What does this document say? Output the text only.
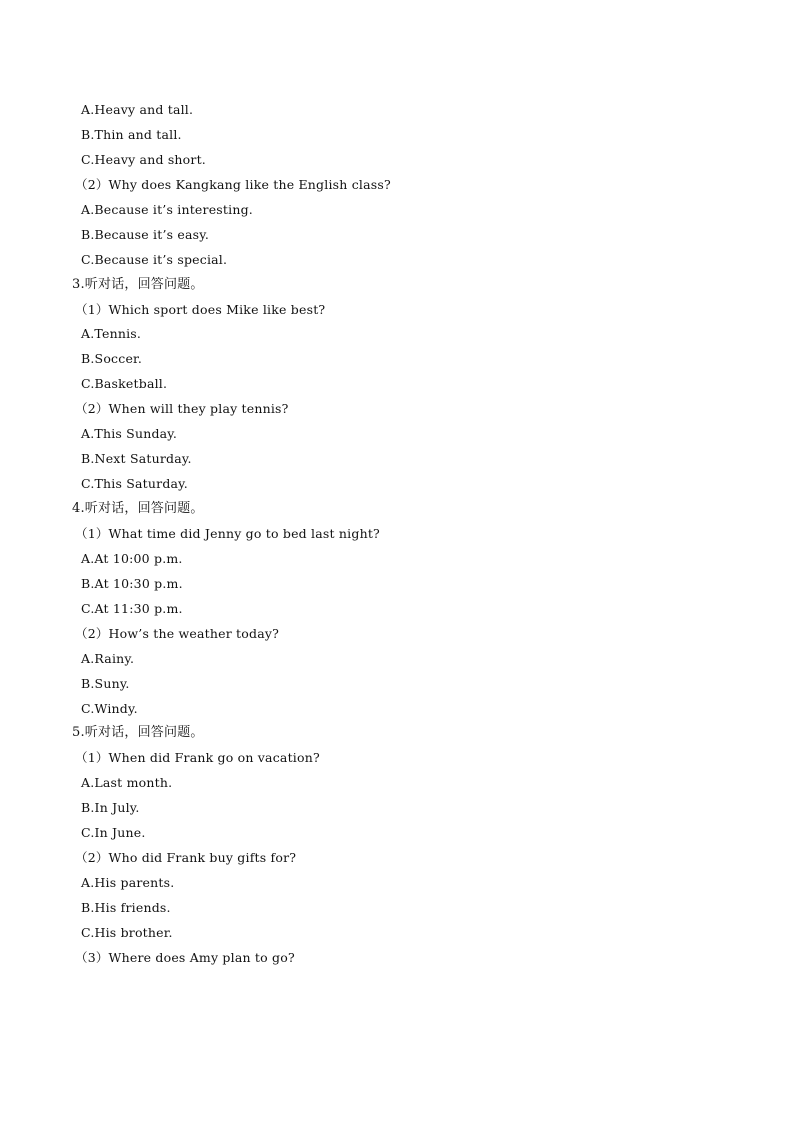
A.Heavy and tall.
B.Thin and tall.
C.Heavy and short.
（2）Why does Kangkang like the English class?
A.Because it’s interesting.
B.Because it’s easy.
C.Because it’s special.
3.听对话，回答问题。
（1）Which sport does Mike like best?
A.Tennis.
B.Soccer.
C.Basketball.
（2）When will they play tennis?
A.This Sunday.
B.Next Saturday.
C.This Saturday.
4.听对话，回答问题。
（1）What time did Jenny go to bed last night?
A.At 10:00 p.m.
B.At 10:30 p.m.
C.At 11:30 p.m.
（2）How’s the weather today?
A.Rainy.
B.Suny.
C.Windy.
5.听对话，回答问题。
（1）When did Frank go on vacation?
A.Last month.
B.In July.
C.In June.
（2）Who did Frank buy gifts for?
A.His parents.
B.His friends.
C.His brother.
（3）Where does Amy plan to go?
